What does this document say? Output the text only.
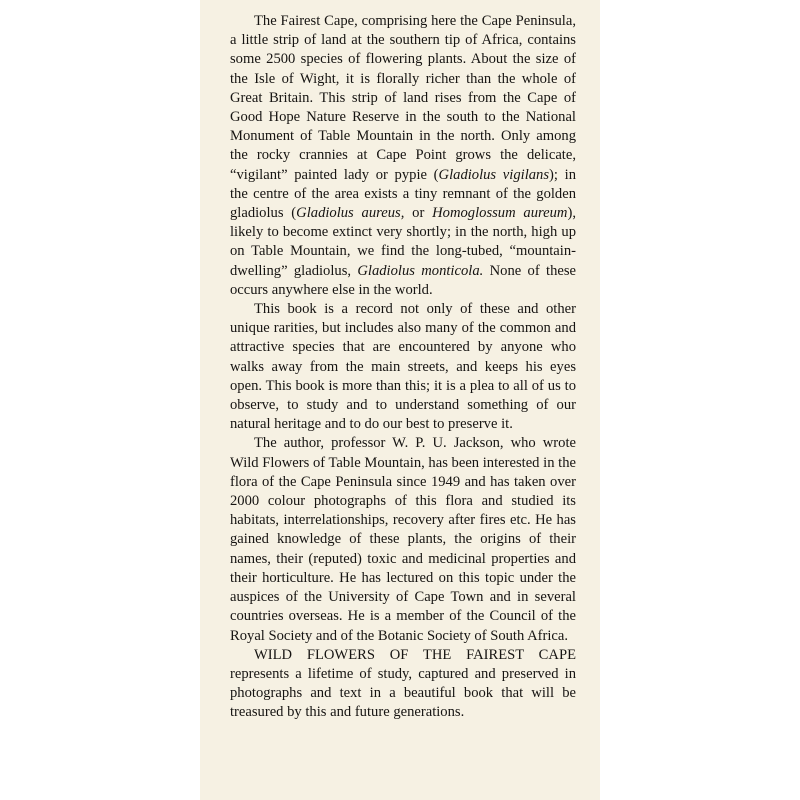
The Fairest Cape, comprising here the Cape Peninsula, a little strip of land at the southern tip of Africa, contains some 2500 species of flowering plants. About the size of the Isle of Wight, it is florally richer than the whole of Great Britain. This strip of land rises from the Cape of Good Hope Nature Reserve in the south to the National Monument of Table Mountain in the north. Only among the rocky crannies at Cape Point grows the delicate, “vigilant” painted lady or pypie (Gladiolus vigilans); in the centre of the area exists a tiny remnant of the golden gladiolus (Gladiolus aureus, or Homoglossum aureum), likely to become extinct very shortly; in the north, high up on Table Mountain, we find the long-tubed, “mountain-dwelling” gladiolus, Gladiolus monticola. None of these occurs anywhere else in the world.

This book is a record not only of these and other unique rarities, but includes also many of the common and attractive species that are encountered by anyone who walks away from the main streets, and keeps his eyes open. This book is more than this; it is a plea to all of us to observe, to study and to understand something of our natural heritage and to do our best to preserve it.

The author, professor W. P. U. Jackson, who wrote Wild Flowers of Table Mountain, has been interested in the flora of the Cape Peninsula since 1949 and has taken over 2000 colour photographs of this flora and studied its habitats, interrelationships, recovery after fires etc. He has gained knowledge of these plants, the origins of their names, their (reputed) toxic and medicinal properties and their horticulture. He has lectured on this topic under the auspices of the University of Cape Town and in several countries overseas. He is a member of the Council of the Royal Society and of the Botanic Society of South Africa.

WILD FLOWERS OF THE FAIREST CAPE represents a lifetime of study, captured and preserved in photographs and text in a beautiful book that will be treasured by this and future generations.
